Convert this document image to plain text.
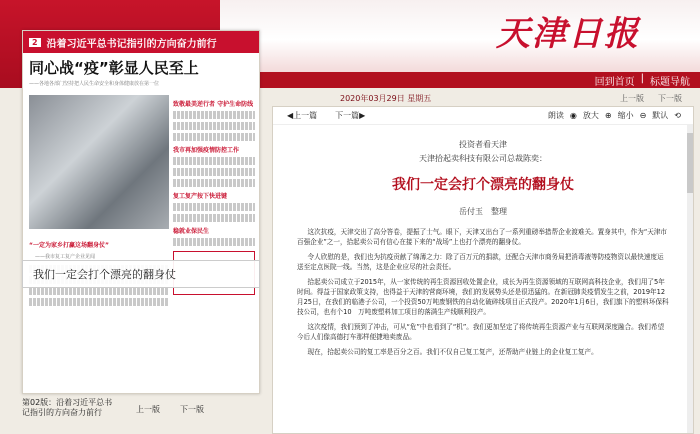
天津日报
回到首页 | 标题导航
2020年03月29日 星期五	上一版 下一版
2 沿着习近平总书记指引的方向奋力前行
同心战“疫”彰显人民至上
——各地各部门坚持把人民生命安全和身体健康放在第一位
致敬最美逆行者 守护生命防线
我市再加强疫情防控工作
复工复产按下快进键
稳就业保民生
“一定为家乡打赢这场翻身仗”
——我市复工复产企业见闻
我们一定会打个漂亮的翻身仗
第02版：沿着习近平总书记指引的方向奋力前行	上一版	下一版
◀ 上一篇 下一篇 ▶	朗读 ◉ 放大 ⊕ 缩小 ⊖ 默认 ⟲
投资者看天津
天津拾起卖科技有限公司总裁陈奕：
我们一定会打个漂亮的翻身仗
岳付玉　整理

这次抗疫，天津交出了高分答卷，提振了士气。眼下，天津又出台了一系列重磅举措帮企业渡难关。置身其中，作为“天津市百强企业”之一，拾起卖公司有信心在接下来的“战场”上也打个漂亮的翻身仗。

令人欣慰的是，我们也为抗疫贡献了绵薄之力：除了百万元的捐款，还配合天津市商务局把消毒液等防疫物资以最快速度运送至定点医院一线。当然，这是企业应尽的社会责任。

拾起卖公司成立于2015年，从一家传统的再生资源回收处置企业，成长为再生资源领域的互联网高科技企业，我们用了5年时间。得益于国家政策支持，也得益于天津的营商环境，我们的发展势头还是很迅猛的。在新冠肺炎疫情发生之前，2019年12月25日，在我们的临港子公司，一个投资50万吨废钢铁的自动化破碎线项目正式投产。2020年1月6日，我们旗下的塑料环保科技公司，也有个10　万吨废塑料加工项目的落满生产线顺利投产。

这次疫情，我们预到了冲击，可从“危”中也看到了“机”。我们更加坚定了将传统再生资源产业与互联网深度融合。我们希望今后人们像高德打车那样便捷地卖废品。

现在，拾起卖公司的复工率是百分之百。我们不仅自己复工复产，还帮助产业链上的企业复工复产。
